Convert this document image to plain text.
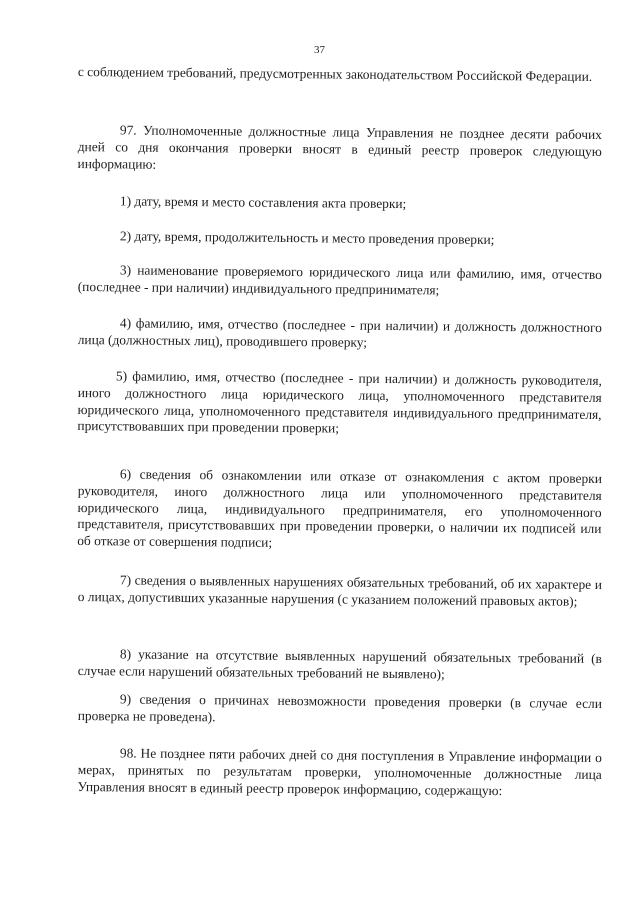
37

с соблюдением требований, предусмотренных законодательством Российской Федерации.

97. Уполномоченные должностные лица Управления не позднее десяти рабочих дней со дня окончания проверки вносят в единый реестр проверок следующую информацию:

1) дату, время и место составления акта проверки;

2) дату, время, продолжительность и место проведения проверки;

3) наименование проверяемого юридического лица или фамилию, имя, отчество (последнее - при наличии) индивидуального предпринимателя;

4) фамилию, имя, отчество (последнее - при наличии) и должность должностного лица (должностных лиц), проводившего проверку;

5) фамилию, имя, отчество (последнее - при наличии) и должность руководителя, иного должностного лица юридического лица, уполномоченного представителя юридического лица, уполномоченного представителя индивидуального предпринимателя, присутствовавших при проведении проверки;

6) сведения об ознакомлении или отказе от ознакомления с актом проверки руководителя, иного должностного лица или уполномоченного представителя юридического лица, индивидуального предпринимателя, его уполномоченного представителя, присутствовавших при проведении проверки, о наличии их подписей или об отказе от совершения подписи;

7) сведения о выявленных нарушениях обязательных требований, об их характере и о лицах, допустивших указанные нарушения (с указанием положений правовых актов);

8) указание на отсутствие выявленных нарушений обязательных требований (в случае если нарушений обязательных требований не выявлено);

9) сведения о причинах невозможности проведения проверки (в случае если проверка не проведена).

98. Не позднее пяти рабочих дней со дня поступления в Управление информации о мерах, принятых по результатам проверки, уполномоченные должностные лица Управления вносят в единый реестр проверок информацию, содержащую:
